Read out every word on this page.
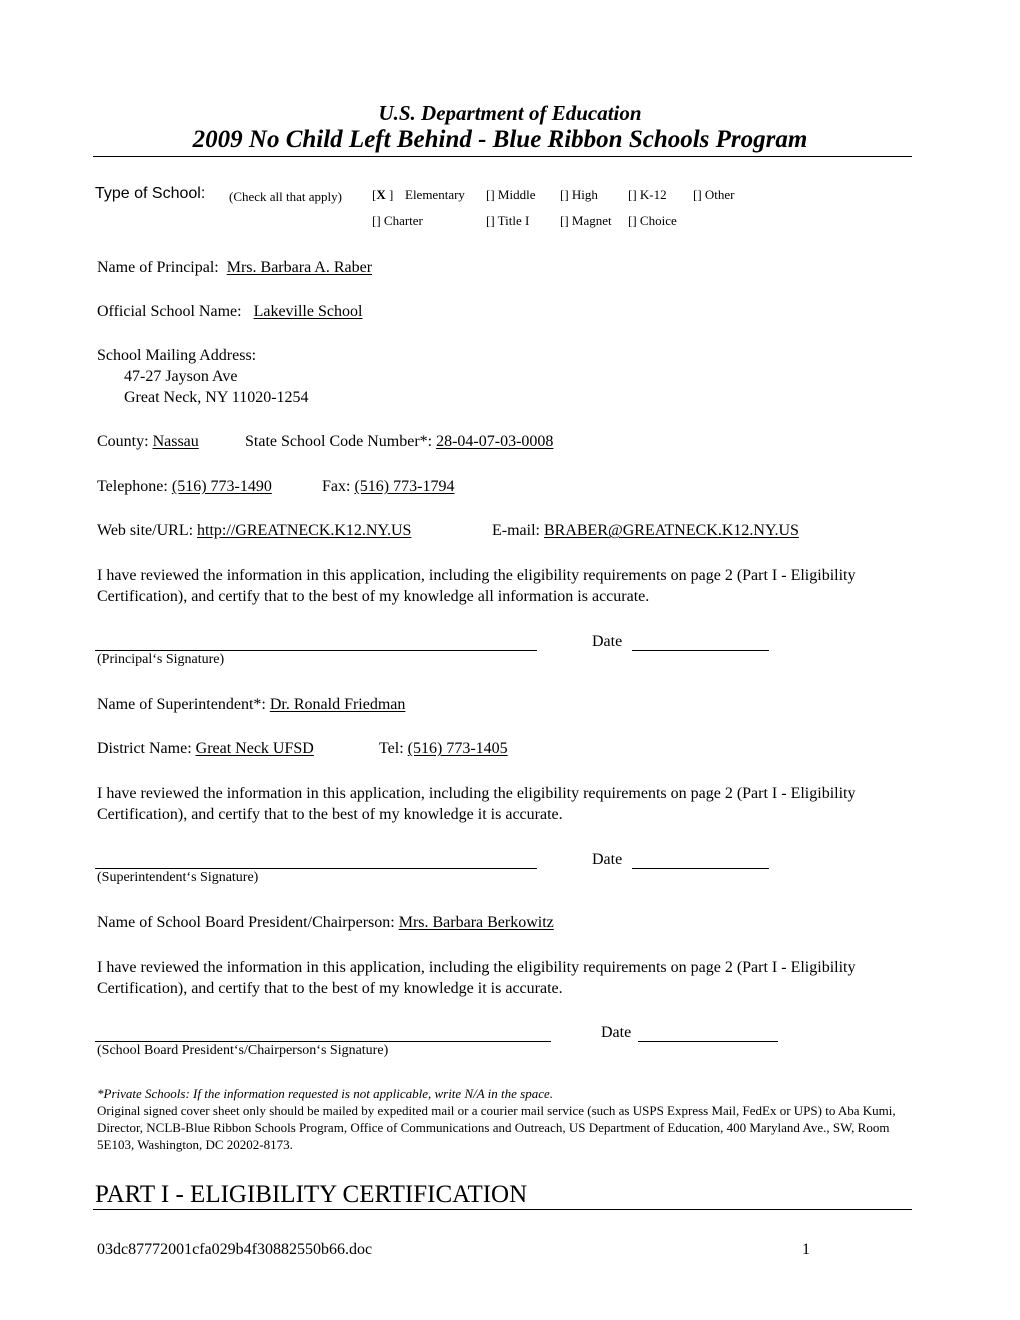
U.S. Department of Education
2009 No Child Left Behind - Blue Ribbon Schools Program
Type of School: (Check all that apply) [X ] Elementary [] Middle [] High [] K-12 [] Other
[] Charter	[] Title I [] Magnet [] Choice
Name of Principal: Mrs. Barbara A. Raber
Official School Name: Lakeville School
School Mailing Address:
47-27 Jayson Ave
Great Neck, NY 11020-1254
County: Nassau	State School Code Number*: 28-04-07-03-0008
Telephone: (516) 773-1490	Fax: (516) 773-1794
Web site/URL: http://GREATNECK.K12.NY.US	E-mail: BRABER@GREATNECK.K12.NY.US
I have reviewed the information in this application, including the eligibility requirements on page 2 (Part I - Eligibility Certification), and certify that to the best of my knowledge all information is accurate.
Date
(Principal‘s Signature)
Name of Superintendent*: Dr. Ronald Friedman
District Name: Great Neck UFSD	Tel: (516) 773-1405
I have reviewed the information in this application, including the eligibility requirements on page 2 (Part I - Eligibility Certification), and certify that to the best of my knowledge it is accurate.
Date
(Superintendent‘s Signature)
Name of School Board President/Chairperson: Mrs. Barbara Berkowitz
I have reviewed the information in this application, including the eligibility requirements on page 2 (Part I - Eligibility Certification), and certify that to the best of my knowledge it is accurate.
Date
(School Board President‘s/Chairperson‘s Signature)
*Private Schools: If the information requested is not applicable, write N/A in the space.
Original signed cover sheet only should be mailed by expedited mail or a courier mail service (such as USPS Express Mail, FedEx or UPS) to Aba Kumi, Director, NCLB-Blue Ribbon Schools Program, Office of Communications and Outreach, US Department of Education, 400 Maryland Ave., SW, Room 5E103, Washington, DC 20202-8173.
PART I - ELIGIBILITY CERTIFICATION
03dc87772001cfa029b4f30882550b66.doc	1
